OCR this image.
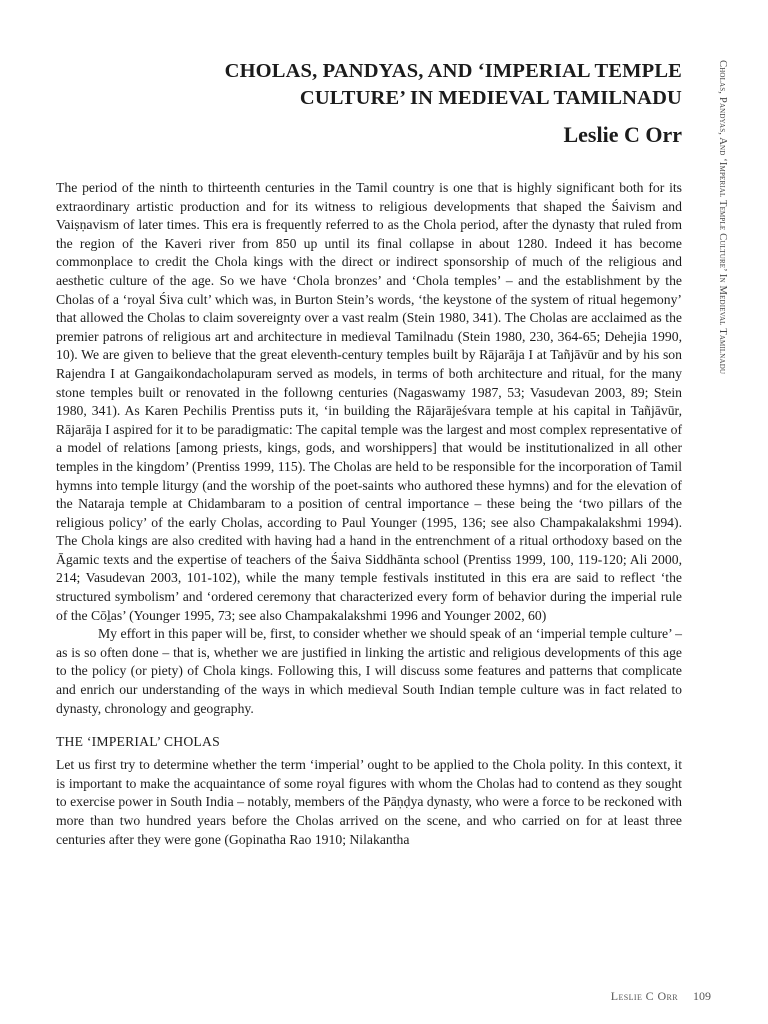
CHOLAS, PANDYAS, AND ‘IMPERIAL TEMPLE
CULTURE’ IN MEDIEVAL TAMILNADU
Leslie C Orr	Cholas, Pandyas, And ‘Imperial Temple Culture’ In Medieval Tamilnadu

The period of the ninth to thirteenth centuries in the Tamil country is one that is highly significant both for its extraordinary artistic production and for its witness to religious developments that shaped the Śaivism and Vaiṣṇavism of later times. This era is frequently referred to as the Chola period, after the dynasty that ruled from the region of the Kaveri river from 850 up until its final collapse in about 1280. Indeed it has become commonplace to credit the Chola kings with the direct or indirect sponsorship of much of the religious and aesthetic culture of the age. So we have ‘Chola bronzes’ and ‘Chola temples’ – and the establishment by the Cholas of a ‘royal Śiva cult’ which was, in Burton Stein’s words, ‘the keystone of the system of ritual hegemony’ that allowed the Cholas to claim sovereignty over a vast realm (Stein 1980, 341). The Cholas are acclaimed as the premier patrons of religious art and architecture in medieval Tamilnadu (Stein 1980, 230, 364-65; Dehejia 1990, 10). We are given to believe that the great eleventh-century temples built by Rājarāja I at Tañjāvūr and by his son Rajendra I at Gangaikondacholapuram served as models, in terms of both architecture and ritual, for the many stone temples built or renovated in the followng centuries (Nagaswamy 1987, 53; Vasudevan 2003, 89; Stein 1980, 341). As Karen Pechilis Prentiss puts it, ‘in building the Rājarājeśvara temple at his capital in Tañjāvūr, Rājarāja I aspired for it to be paradigmatic: The capital temple was the largest and most complex representative of a model of relations [among priests, kings, gods, and worshippers] that would be institutionalized in all other temples in the kingdom’ (Prentiss 1999, 115). The Cholas are held to be responsible for the incorporation of Tamil hymns into temple liturgy (and the worship of the poet-saints who authored these hymns) and for the elevation of the Nataraja temple at Chidambaram to a position of central importance – these being the ‘two pillars of the religious policy’ of the early Cholas, according to Paul Younger (1995, 136; see also Champakalakshmi 1994). The Chola kings are also credited with having had a hand in the entrenchment of a ritual orthodoxy based on the Āgamic texts and the expertise of teachers of the Śaiva Siddhānta school (Prentiss 1999, 100, 119-120; Ali 2000, 214; Vasudevan 2003, 101-102), while the many temple festivals instituted in this era are said to reflect ‘the structured symbolism’ and ‘ordered ceremony that characterized every form of behavior during the imperial rule of the Cōḻas’ (Younger 1995, 73; see also Champakalakshmi 1996 and Younger 2002, 60)

My effort in this paper will be, first, to consider whether we should speak of an ‘imperial temple culture’ – as is so often done – that is, whether we are justified in linking the artistic and religious developments of this age to the policy (or piety) of Chola kings. Following this, I will discuss some features and patterns that complicate and enrich our understanding of the ways in which medieval South Indian temple culture was in fact related to dynasty, chronology and geography.

THE ‘IMPERIAL’ CHOLAS

Let us first try to determine whether the term ‘imperial’ ought to be applied to the Chola polity. In this context, it is important to make the acquaintance of some royal figures with whom the Cholas had to contend as they sought to exercise power in South India – notably, members of the Pāṇḍya dynasty, who were a force to be reckoned with more than two hundred years before the Cholas arrived on the scene, and who carried on for at least three centuries after they were gone (Gopinatha Rao 1910; Nilakantha

Leslie C Orr 109
